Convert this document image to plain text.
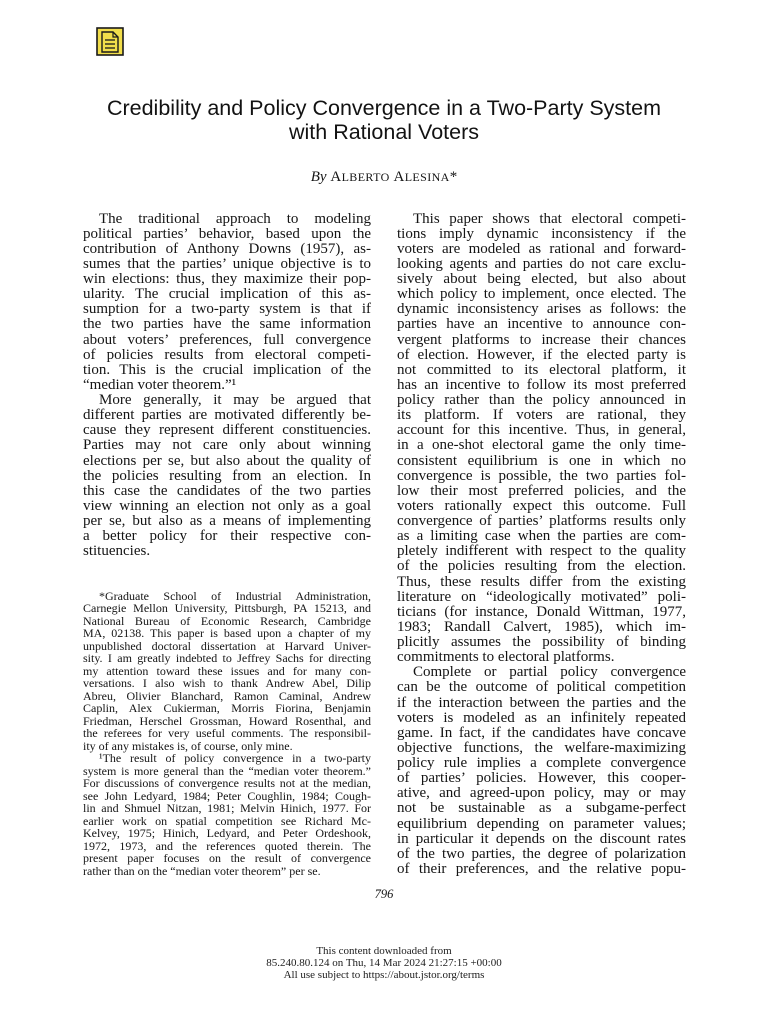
Credibility and Policy Convergence in a Two-Party System
with Rational Voters
By ALBERTO ALESINA*
The traditional approach to modeling
political parties’ behavior, based upon the
contribution of Anthony Downs (1957), as-
sumes that the parties’ unique objective is to
win elections: thus, they maximize their pop-
ularity. The crucial implication of this as-
sumption for a two-party system is that if
the two parties have the same information
about voters’ preferences, full convergence
of policies results from electoral competi-
tion. This is the crucial implication of the
“median voter theorem.”¹
More generally, it may be argued that
different parties are motivated differently be-
cause they represent different constituencies.
Parties may not care only about winning
elections per se, but also about the quality of
the policies resulting from an election. In
this case the candidates of the two parties
view winning an election not only as a goal
per se, but also as a means of implementing
a better policy for their respective con-
stituencies.
*Graduate School of Industrial Administration,
Carnegie Mellon University, Pittsburgh, PA 15213, and
National Bureau of Economic Research, Cambridge
MA, 02138. This paper is based upon a chapter of my
unpublished doctoral dissertation at Harvard Univer-
sity. I am greatly indebted to Jeffrey Sachs for directing
my attention toward these issues and for many con-
versations. I also wish to thank Andrew Abel, Dilip
Abreu, Olivier Blanchard, Ramon Caminal, Andrew
Caplin, Alex Cukierman, Morris Fiorina, Benjamin
Friedman, Herschel Grossman, Howard Rosenthal, and
the referees for very useful comments. The responsibil-
ity of any mistakes is, of course, only mine.
¹The result of policy convergence in a two-party
system is more general than the “median voter theorem.”
For discussions of convergence results not at the median,
see John Ledyard, 1984; Peter Coughlin, 1984; Cough-
lin and Shmuel Nitzan, 1981; Melvin Hinich, 1977. For
earlier work on spatial competition see Richard Mc-
Kelvey, 1975; Hinich, Ledyard, and Peter Ordeshook,
1972, 1973, and the references quoted therein. The
present paper focuses on the result of convergence
rather than on the “median voter theorem” per se.
This paper shows that electoral competi-
tions imply dynamic inconsistency if the
voters are modeled as rational and forward-
looking agents and parties do not care exclu-
sively about being elected, but also about
which policy to implement, once elected. The
dynamic inconsistency arises as follows: the
parties have an incentive to announce con-
vergent platforms to increase their chances
of election. However, if the elected party is
not committed to its electoral platform, it
has an incentive to follow its most preferred
policy rather than the policy announced in
its platform. If voters are rational, they
account for this incentive. Thus, in general,
in a one-shot electoral game the only time-
consistent equilibrium is one in which no
convergence is possible, the two parties fol-
low their most preferred policies, and the
voters rationally expect this outcome. Full
convergence of parties’ platforms results only
as a limiting case when the parties are com-
pletely indifferent with respect to the quality
of the policies resulting from the election.
Thus, these results differ from the existing
literature on “ideologically motivated” poli-
ticians (for instance, Donald Wittman, 1977,
1983; Randall Calvert, 1985), which im-
plicitly assumes the possibility of binding
commitments to electoral platforms.
Complete or partial policy convergence
can be the outcome of political competition
if the interaction between the parties and the
voters is modeled as an infinitely repeated
game. In fact, if the candidates have concave
objective functions, the welfare-maximizing
policy rule implies a complete convergence
of parties’ policies. However, this cooper-
ative, and agreed-upon policy, may or may
not be sustainable as a subgame-perfect
equilibrium depending on parameter values;
in particular it depends on the discount rates
of the two parties, the degree of polarization
of their preferences, and the relative popu-
796
This content downloaded from
85.240.80.124 on Thu, 14 Mar 2024 21:27:15 +00:00
All use subject to https://about.jstor.org/terms
